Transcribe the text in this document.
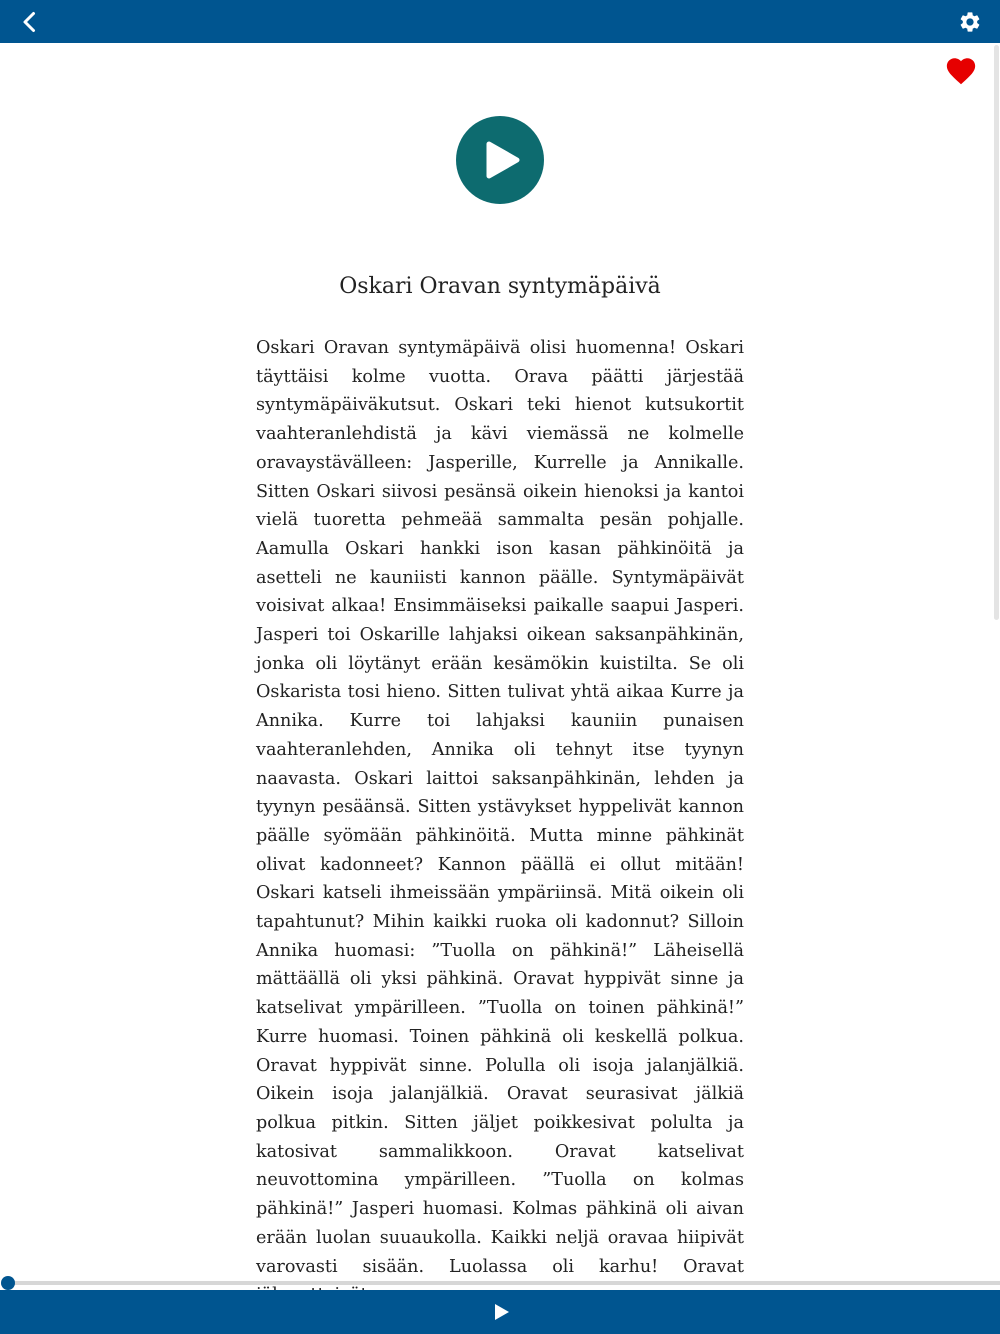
Oskari Oravan syntymäpäivä

Oskari Oravan syntymäpäivä olisi huomenna! Oskari täyttäisi kolme vuotta. Orava päätti järjestää syntymäpäiväkutsut. Oskari teki hienot kutsukortit vaahteranlehdistä ja kävi viemässä ne kolmelle oravaystävälleen: Jasperille, Kurrelle ja Annikalle. Sitten Oskari siivosi pesänsä oikein hienoksi ja kantoi vielä tuoretta pehmeää sammalta pesän pohjalle. Aamulla Oskari hankki ison kasan pähkinöitä ja asetteli ne kauniisti kannon päälle. Syntymäpäivät voisivat alkaa! Ensimmäiseksi paikalle saapui Jasperi. Jasperi toi Oskarille lahjaksi oikean saksanpähkinän, jonka oli löytänyt erään kesämökin kuistilta. Se oli Oskarista tosi hieno. Sitten tulivat yhtä aikaa Kurre ja Annika. Kurre toi lahjaksi kauniin punaisen vaahteranlehden, Annika oli tehnyt itse tyynyn naavasta. Oskari laittoi saksanpähkinän, lehden ja tyynyn pesäänsä. Sitten ystävykset hyppelivät kannon päälle syömään pähkinöitä. Mutta minne pähkinät olivat kadonneet? Kannon päällä ei ollut mitään! Oskari katseli ihmeissään ympäriinsä. Mitä oikein oli tapahtunut? Mihin kaikki ruoka oli kadonnut? Silloin Annika huomasi: ”Tuolla on pähkinä!” Läheisellä mättäällä oli yksi pähkinä. Oravat hyppivät sinne ja katselivat ympärilleen. ”Tuolla on toinen pähkinä!” Kurre huomasi. Toinen pähkinä oli keskellä polkua. Oravat hyppivät sinne. Polulla oli isoja jalanjälkiä. Oikein isoja jalanjälkiä. Oravat seurasivat jälkiä polkua pitkin. Sitten jäljet poikkesivat polulta ja katosivat sammalikkoon. Oravat katselivat neuvottomina ympärilleen. ”Tuolla on kolmas pähkinä!” Jasperi huomasi. Kolmas pähkinä oli aivan erään luolan suuaukolla. Kaikki neljä oravaa hiipivät varovasti sisään. Luolassa oli karhu! Oravat
